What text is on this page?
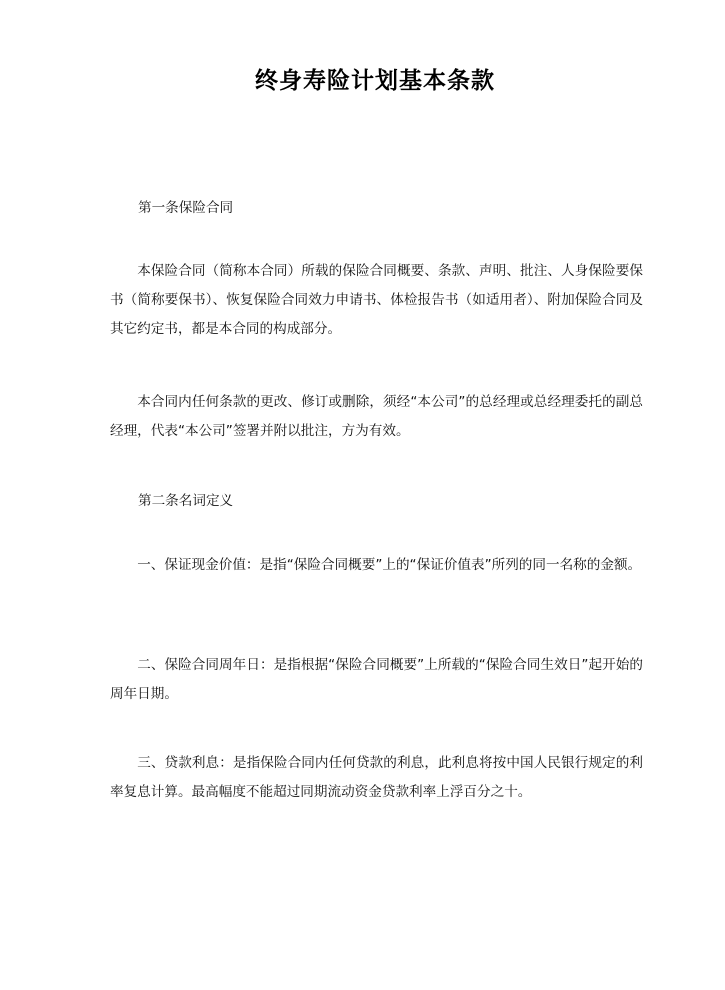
终身寿险计划基本条款
第一条保险合同

本保险合同（简称本合同）所载的保险合同概要、条款、声明、批注、人身保险要保书（简称要保书）、恢复保险合同效力申请书、体检报告书（如适用者）、附加保险合同及其它约定书，都是本合同的构成部分。

本合同内任何条款的更改、修订或删除，须经“本公司”的总经理或总经理委托的副总经理，代表“本公司”签署并附以批注，方为有效。

第二条名词定义

一、保证现金价值：是指“保险合同概要”上的“保证价值表”所列的同一名称的金额。

二、保险合同周年日：是指根据“保险合同概要”上所载的“保险合同生效日”起开始的周年日期。

三、贷款利息：是指保险合同内任何贷款的利息，此利息将按中国人民银行规定的利率复息计算。最高幅度不能超过同期流动资金贷款利率上浮百分之十。
